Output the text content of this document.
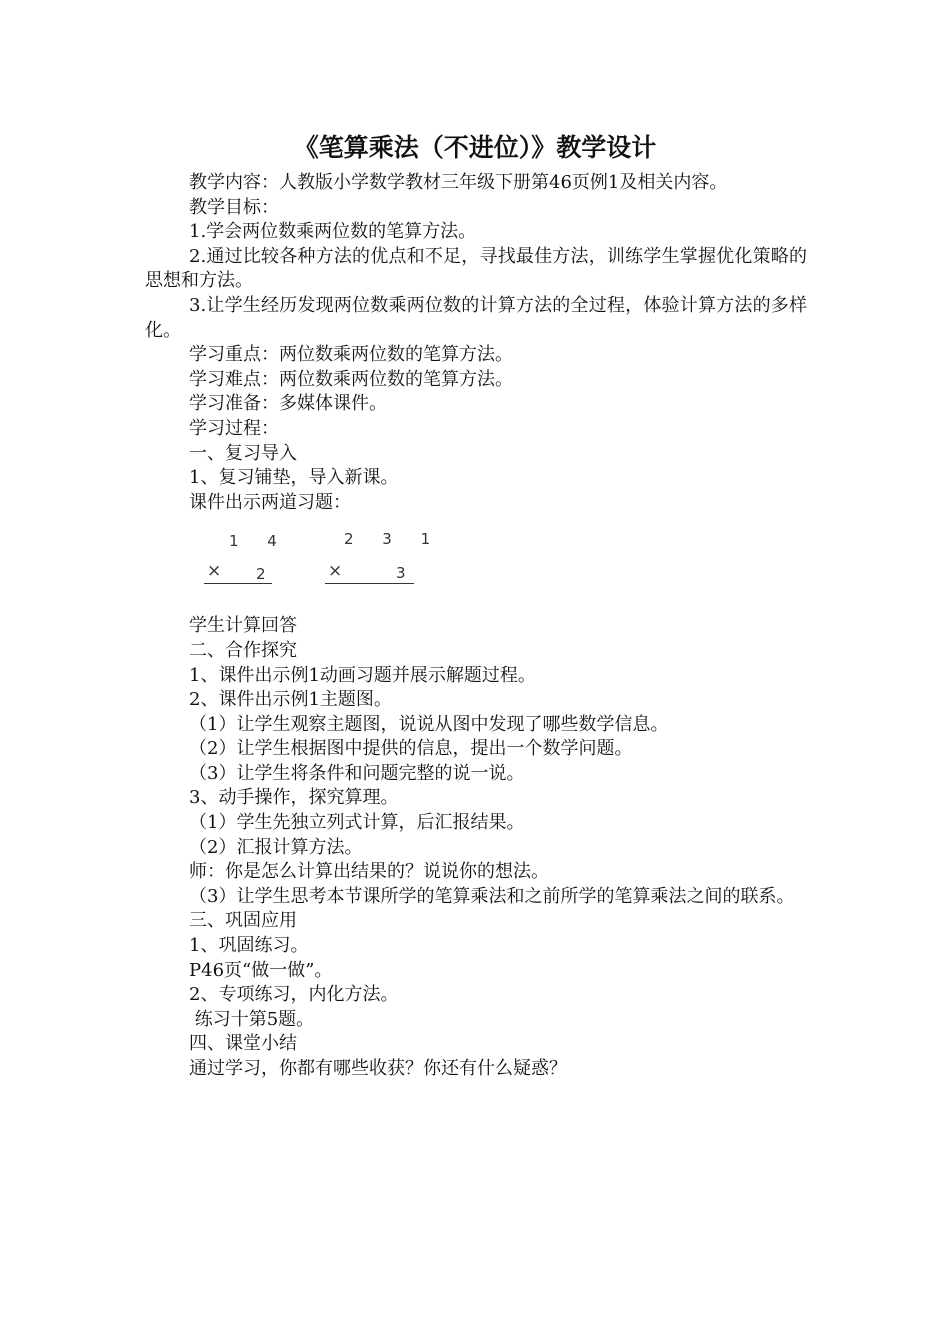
《笔算乘法（不进位）》教学设计

教学内容：人教版小学数学教材三年级下册第46页例1及相关内容。

教学目标：

1.学会两位数乘两位数的笔算方法。

2.通过比较各种方法的优点和不足，寻找最佳方法，训练学生掌握优化策略的思想和方法。

3.让学生经历发现两位数乘两位数的计算方法的全过程，体验计算方法的多样化。

学习重点：两位数乘两位数的笔算方法。

学习难点：两位数乘两位数的笔算方法。

学习准备：多媒体课件。

学习过程：

一、复习导入

1、复习铺垫，导入新课。

课件出示两道习题：

1 4
× 2
2 3 1
×	3

学生计算回答

二、合作探究

1、课件出示例1动画习题并展示解题过程。

2、课件出示例1主题图。

（1）让学生观察主题图，说说从图中发现了哪些数学信息。

（2）让学生根据图中提供的信息，提出一个数学问题。

（3）让学生将条件和问题完整的说一说。

3、动手操作，探究算理。

（1）学生先独立列式计算，后汇报结果。

（2）汇报计算方法。

师：你是怎么计算出结果的？说说你的想法。

（3）让学生思考本节课所学的笔算乘法和之前所学的笔算乘法之间的联系。

三、巩固应用

1、巩固练习。

P46页“做一做”。

2、专项练习，内化方法。

练习十第5题。

四、课堂小结

通过学习，你都有哪些收获？你还有什么疑惑？
